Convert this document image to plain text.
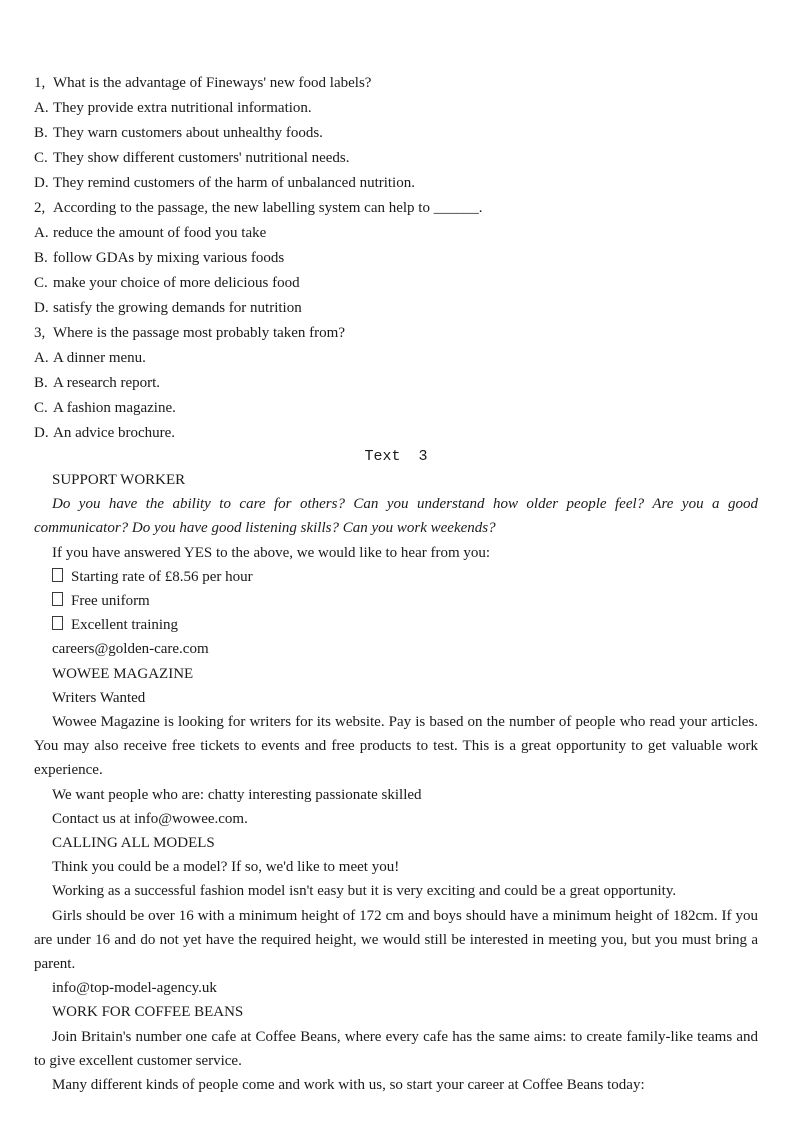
1, What is the advantage of Fineways' new food labels?
A. They provide extra nutritional information.
B. They warn customers about unhealthy foods.
C. They show different customers' nutritional needs.
D. They remind customers of the harm of unbalanced nutrition.
2, According to the passage, the new labelling system can help to ______.
A. reduce the amount of food you take
B. follow GDAs by mixing various foods
C. make your choice of more delicious food
D. satisfy the growing demands for nutrition
3, Where is the passage most probably taken from?
A. A dinner menu.
B. A research report.
C. A fashion magazine.
D. An advice brochure.
Text  3

SUPPORT WORKER

Do you have the ability to care for others? Can you understand how older people feel? Are you a good communicator? Do you have good listening skills? Can you work weekends?

If you have answered YES to the above, we would like to hear from you:

Starting rate of £8.56 per hour

Free uniform

Excellent training

careers@golden-care.com

WOWEE MAGAZINE

Writers Wanted

Wowee Magazine is looking for writers for its website. Pay is based on the number of people who read your articles. You may also receive free tickets to events and free products to test. This is a great opportunity to get valuable work experience.

We want people who are: chatty interesting passionate skilled

Contact us at info@wowee.com.

CALLING ALL MODELS

Think you could be a model? If so, we'd like to meet you!

Working as a successful fashion model isn't easy but it is very exciting and could be a great opportunity.

Girls should be over 16 with a minimum height of 172 cm and boys should have a minimum height of 182cm. If you are under 16 and do not yet have the required height, we would still be interested in meeting you, but you must bring a parent.

info@top-model-agency.uk

WORK FOR COFFEE BEANS

Join Britain's number one cafe at Coffee Beans, where every cafe has the same aims: to create family-like teams and to give excellent customer service.

Many different kinds of people come and work with us, so start your career at Coffee Beans today:
